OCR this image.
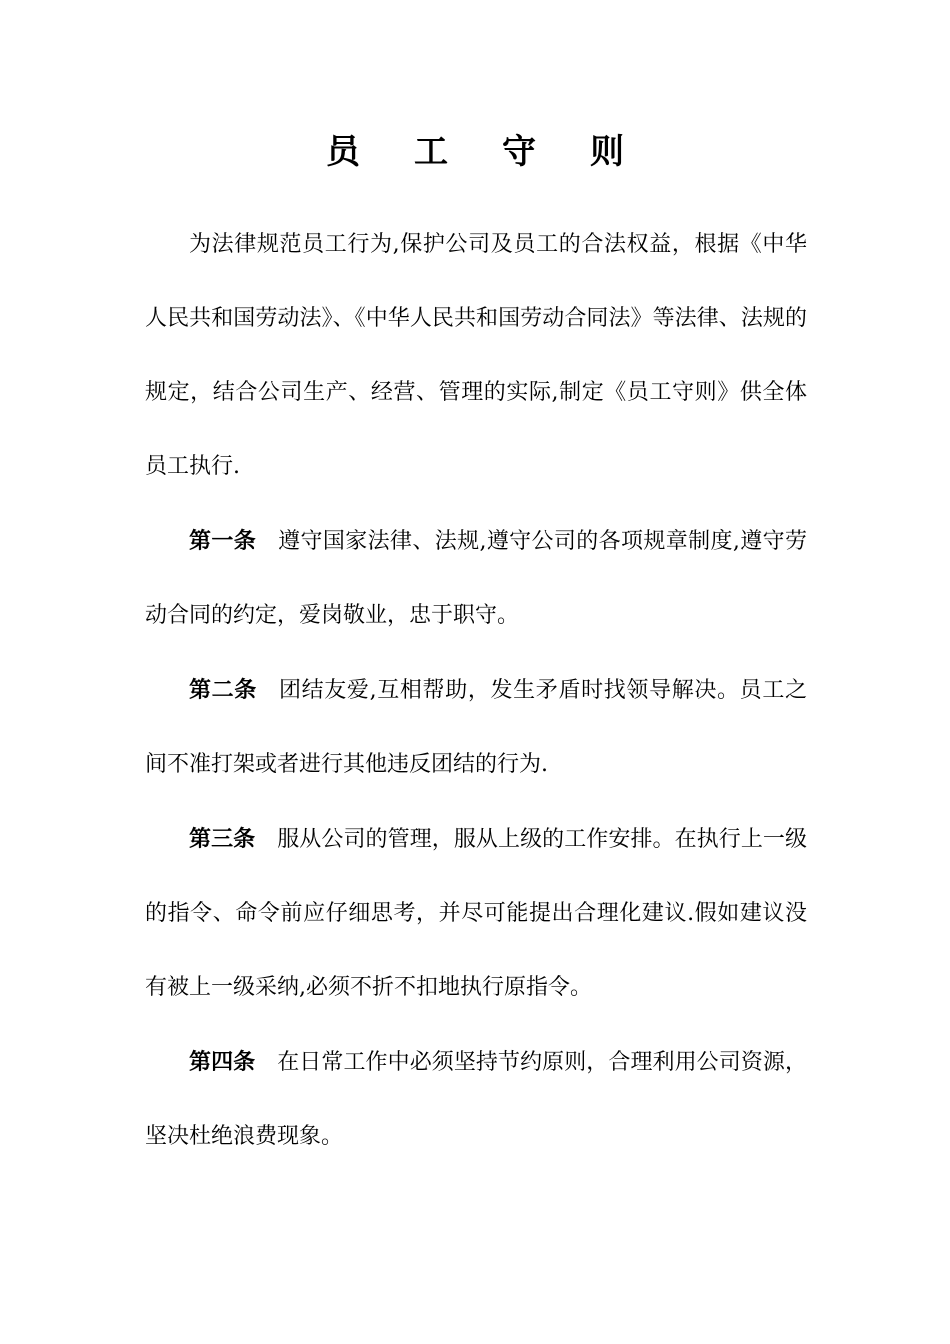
员 工 守 则

为法律规范员工行为,保护公司及员工的合法权益，根据《中华人民共和国劳动法》、《中华人民共和国劳动合同法》等法律、法规的规定，结合公司生产、经营、管理的实际,制定《员工守则》供全体员工执行.

第一条 遵守国家法律、法规,遵守公司的各项规章制度,遵守劳动合同的约定，爱岗敬业，忠于职守。

第二条 团结友爱,互相帮助，发生矛盾时找领导解决。员工之间不准打架或者进行其他违反团结的行为.

第三条 服从公司的管理，服从上级的工作安排。在执行上一级的指令、命令前应仔细思考，并尽可能提出合理化建议.假如建议没有被上一级采纳,必须不折不扣地执行原指令。

第四条 在日常工作中必须坚持节约原则，合理利用公司资源，坚决杜绝浪费现象。
